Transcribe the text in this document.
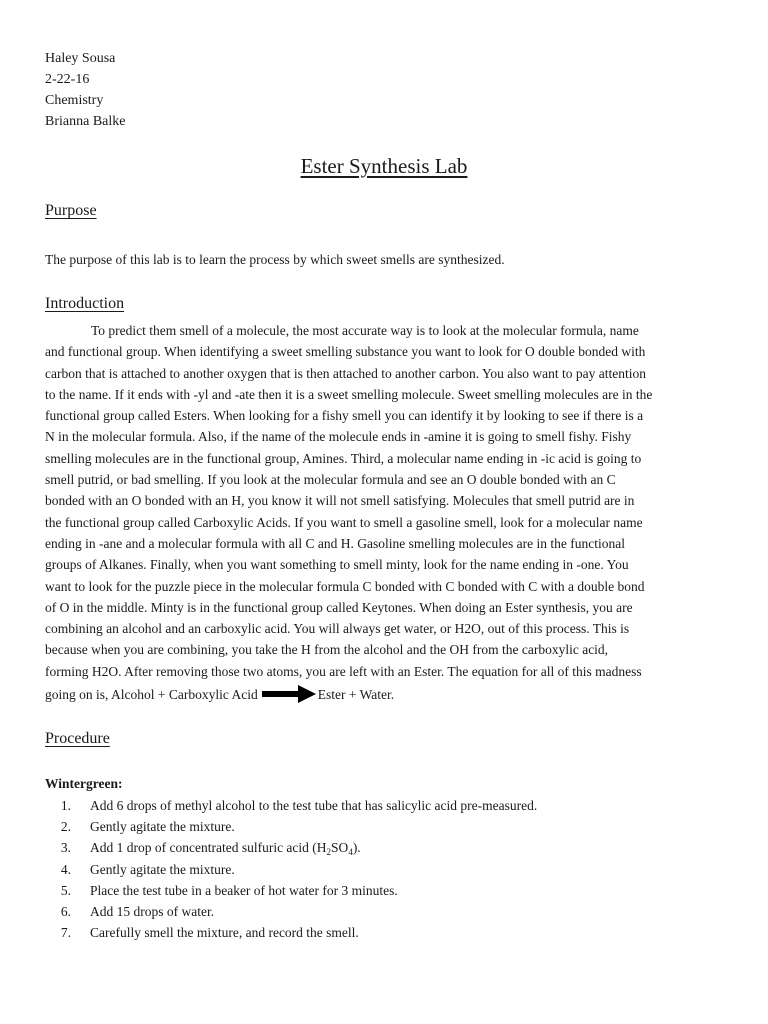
Haley Sousa
2-22-16
Chemistry
Brianna Balke
Ester Synthesis Lab
Purpose
The purpose of this lab is to learn the process by which sweet smells are synthesized.
Introduction
To predict them smell of a molecule, the most accurate way is to look at the molecular formula, name
and functional group. When identifying a sweet smelling substance you want to look for O double bonded with
carbon that is attached to another oxygen that is then attached to another carbon. You also want to pay attention
to the name. If it ends with -yl and -ate then it is a sweet smelling molecule. Sweet smelling molecules are in the
functional group called Esters. When looking for a fishy smell you can identify it by looking to see if there is a
N in the molecular formula. Also, if the name of the molecule ends in -amine it is going to smell fishy. Fishy
smelling molecules are in the functional group, Amines. Third, a molecular name ending in -ic acid is going to
smell putrid, or bad smelling. If you look at the molecular formula and see an O double bonded with an C
bonded with an O bonded with an H, you know it will not smell satisfying. Molecules that smell putrid are in
the functional group called Carboxylic Acids. If you want to smell a gasoline smell, look for a molecular name
ending in -ane and a molecular formula with all C and H. Gasoline smelling molecules are in the functional
groups of Alkanes. Finally, when you want something to smell minty, look for the name ending in -one. You
want to look for the puzzle piece in the molecular formula C bonded with C bonded with C with a double bond
of O in the middle. Minty is in the functional group called Keytones. When doing an Ester synthesis, you are
combining an alcohol and an carboxylic acid. You will always get water, or H2O, out of this process. This is
because when you are combining, you take the H from the alcohol and the OH from the carboxylic acid,
forming H2O. After removing those two atoms, you are left with an Ester. The equation for all of this madness
going on is, Alcohol + Carboxylic Acid	Ester + Water.
Procedure
Wintergreen:
1. Add 6 drops of methyl alcohol to the test tube that has salicylic acid pre-measured.
2. Gently agitate the mixture.
3. Add 1 drop of concentrated sulfuric acid $(H_2SO_4)$.
4. Gently agitate the mixture.
5. Place the test tube in a beaker of hot water for 3 minutes.
6. Add 15 drops of water.
7. Carefully smell the mixture, and record the smell.
